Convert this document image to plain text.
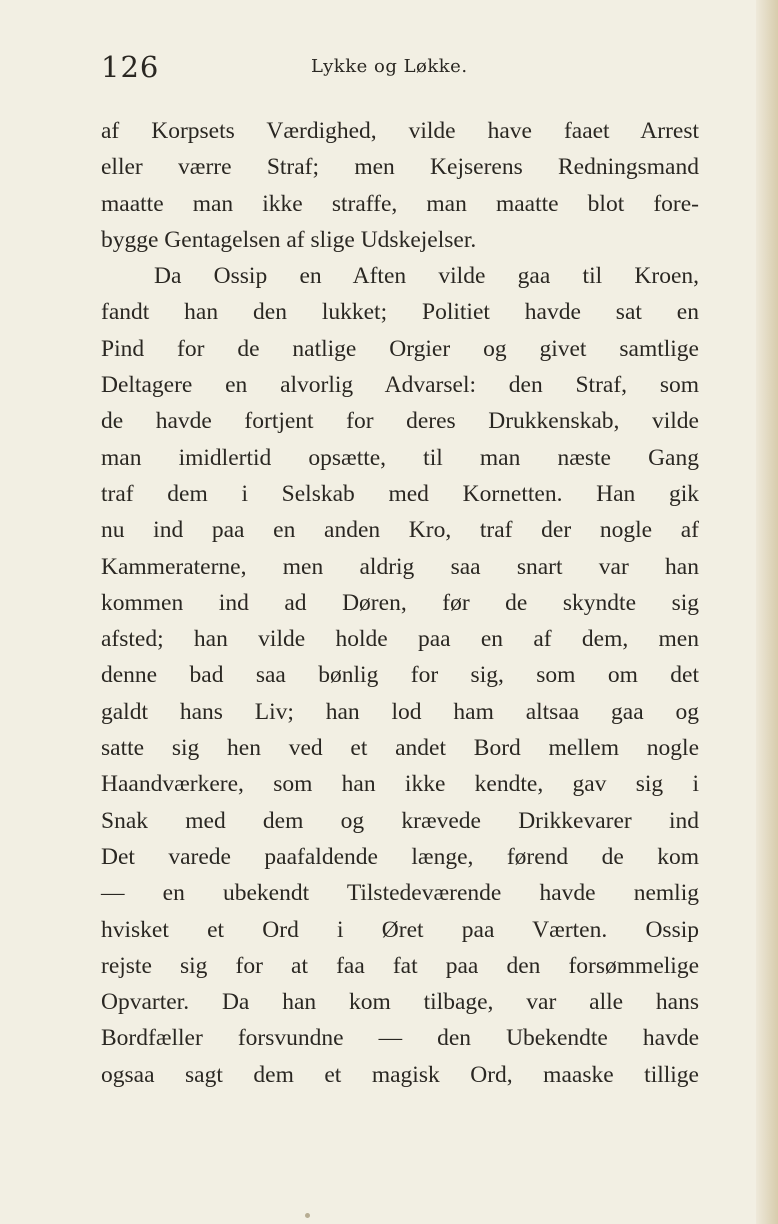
126	Lykke og Løkke.
af Korpsets Værdighed, vilde have faaet Arrest
eller værre Straf; men Kejserens Redningsmand
maatte man ikke straffe, man maatte blot fore-
bygge Gentagelsen af slige Udskejelser.
Da Ossip en Aften vilde gaa til Kroen,
fandt han den lukket; Politiet havde sat en
Pind for de natlige Orgier og givet samtlige
Deltagere en alvorlig Advarsel: den Straf, som
de havde fortjent for deres Drukkenskab, vilde
man imidlertid opsætte, til man næste Gang
traf dem i Selskab med Kornetten. Han gik
nu ind paa en anden Kro, traf der nogle af
Kammeraterne, men aldrig saa snart var han
kommen ind ad Døren, før de skyndte sig
afsted; han vilde holde paa en af dem, men
denne bad saa bønlig for sig, som om det
galdt hans Liv; han lod ham altsaa gaa og
satte sig hen ved et andet Bord mellem nogle
Haandværkere, som han ikke kendte, gav sig i
Snak med dem og krævede Drikkevarer ind
Det varede paafaldende længe, førend de kom
— en ubekendt Tilstedeværende havde nemlig
hvisket et Ord i Øret paa Værten. Ossip
rejste sig for at faa fat paa den forsømmelige
Opvarter. Da han kom tilbage, var alle hans
Bordfæller forsvundne — den Ubekendte havde
ogsaa sagt dem et magisk Ord, maaske tillige
